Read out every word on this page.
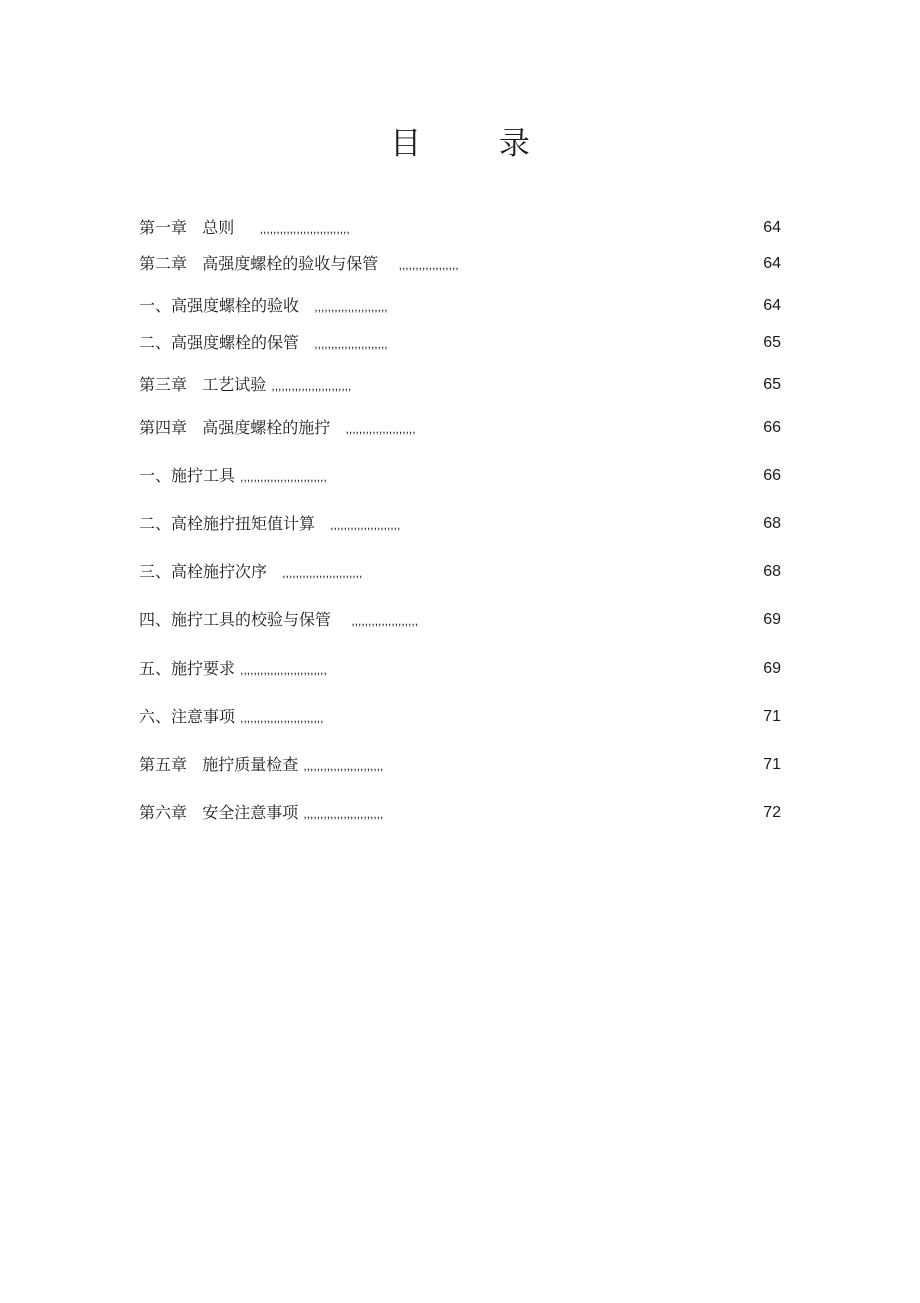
目 录
第一章   总则 ,,,,,,,,,,,,,,,,,,,,,,,,,,,	64
第二章   高强度螺栓的验收与保管 ,,,,,,,,,,,,,,,,,,	64
一、高强度螺栓的验收 ,,,,,,,,,,,,,,,,,,,,,,	64
二、高强度螺栓的保管 ,,,,,,,,,,,,,,,,,,,,,,	65
第三章   工艺试验 ,,,,,,,,,,,,,,,,,,,,,,,,	65
第四章   高强度螺栓的施拧 ,,,,,,,,,,,,,,,,,,,,,	66
一、施拧工具 ,,,,,,,,,,,,,,,,,,,,,,,,,,	66
二、高栓施拧扭矩值计算 ,,,,,,,,,,,,,,,,,,,,,	68
三、高栓施拧次序 ,,,,,,,,,,,,,,,,,,,,,,,,	68
四、施拧工具的校验与保管 ,,,,,,,,,,,,,,,,,,,,	69
五、施拧要求 ,,,,,,,,,,,,,,,,,,,,,,,,,,	69
六、注意事项 ,,,,,,,,,,,,,,,,,,,,,,,,,	71
第五章   施拧质量检查 ,,,,,,,,,,,,,,,,,,,,,,,,	71
第六章   安全注意事项 ,,,,,,,,,,,,,,,,,,,,,,,,	72
